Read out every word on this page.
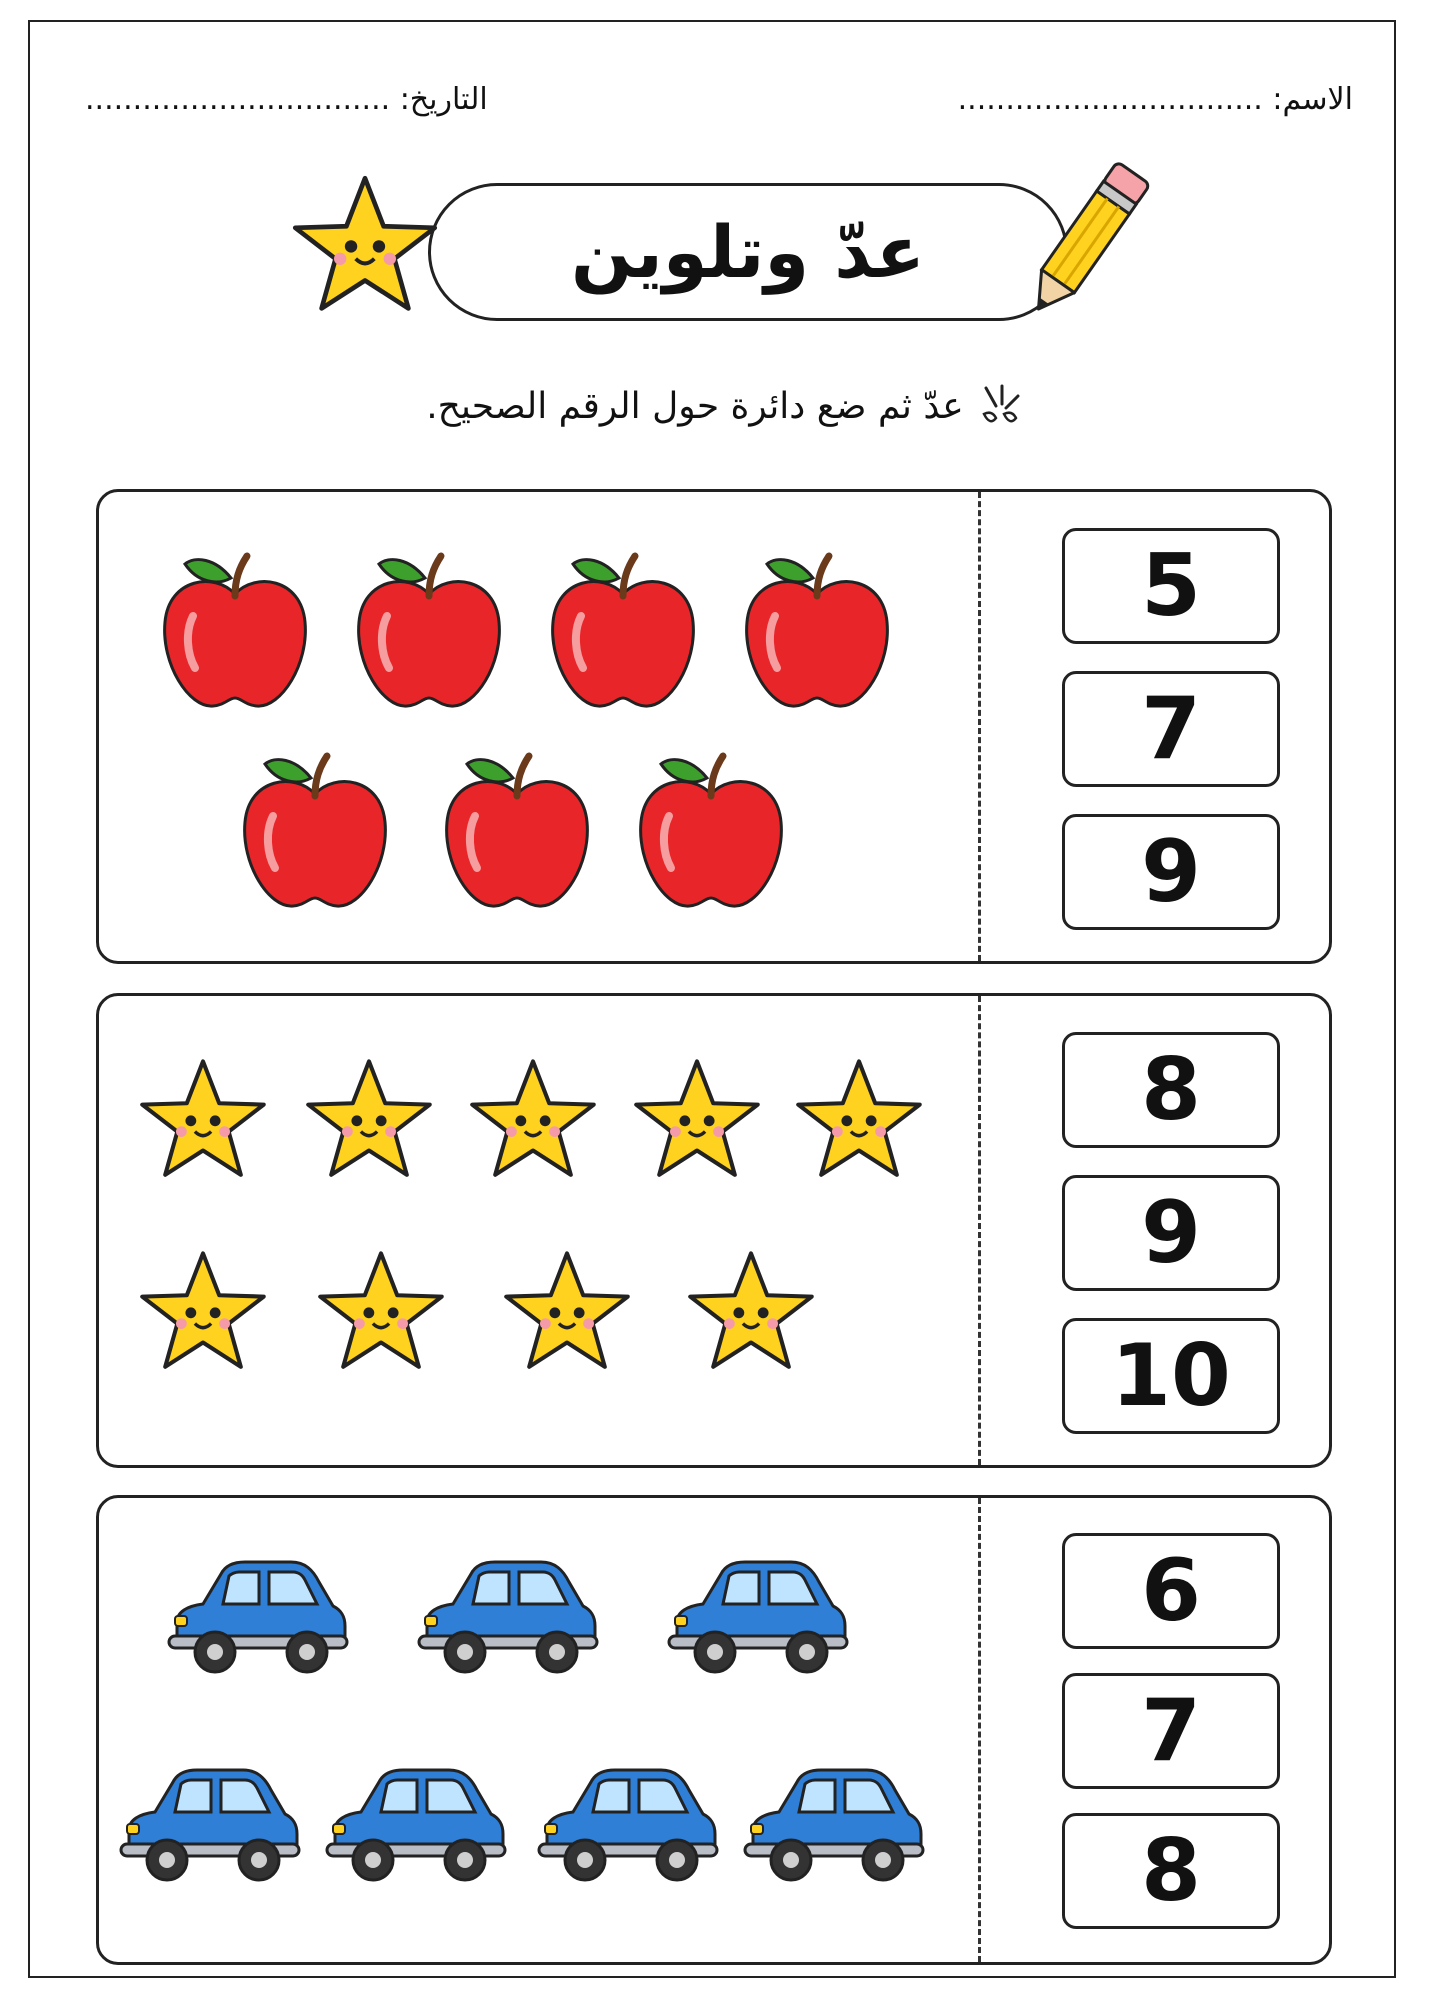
الاسم: ................................
التاريخ: ................................
عدّ وتلوين
عدّ ثم ضع دائرة حول الرقم الصحيح.
5
7
9
8
9
10
6
7
8
